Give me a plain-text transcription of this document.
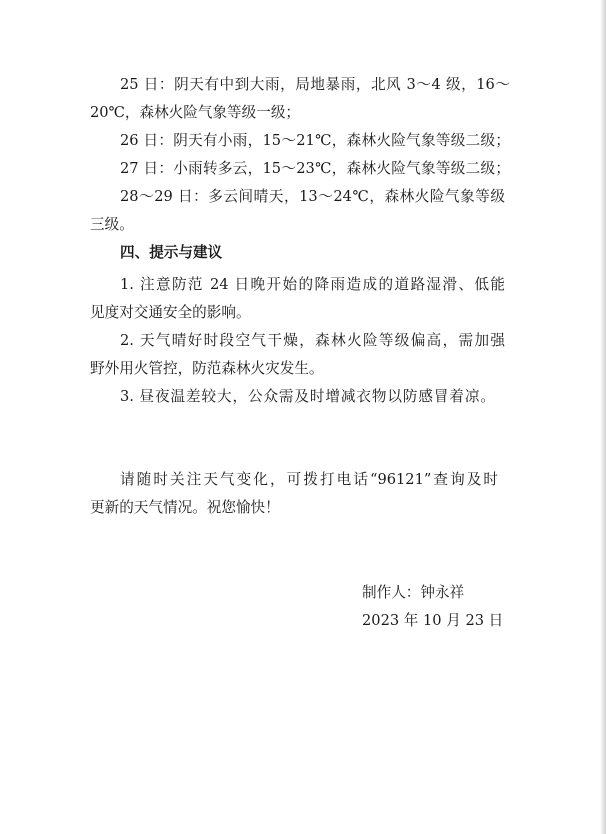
25 日：阴天有中到大雨，局地暴雨，北风 3～4 级，16～
20℃，森林火险气象等级一级；
26 日：阴天有小雨，15～21℃，森林火险气象等级二级；
27 日：小雨转多云，15～23℃，森林火险气象等级二级；
28～29 日：多云间晴天，13～24℃，森林火险气象等级
三级。
四、提示与建议
1. 注意防范 24 日晚开始的降雨造成的道路湿滑、低能
见度对交通安全的影响。
2. 天气晴好时段空气干燥，森林火险等级偏高，需加强
野外用火管控，防范森林火灾发生。
3. 昼夜温差较大，公众需及时增减衣物以防感冒着凉。
请随时关注天气变化，可拨打电话“96121”查询及时
更新的天气情况。祝您愉快！
制作人：钟永祥
2023 年 10 月 23 日
